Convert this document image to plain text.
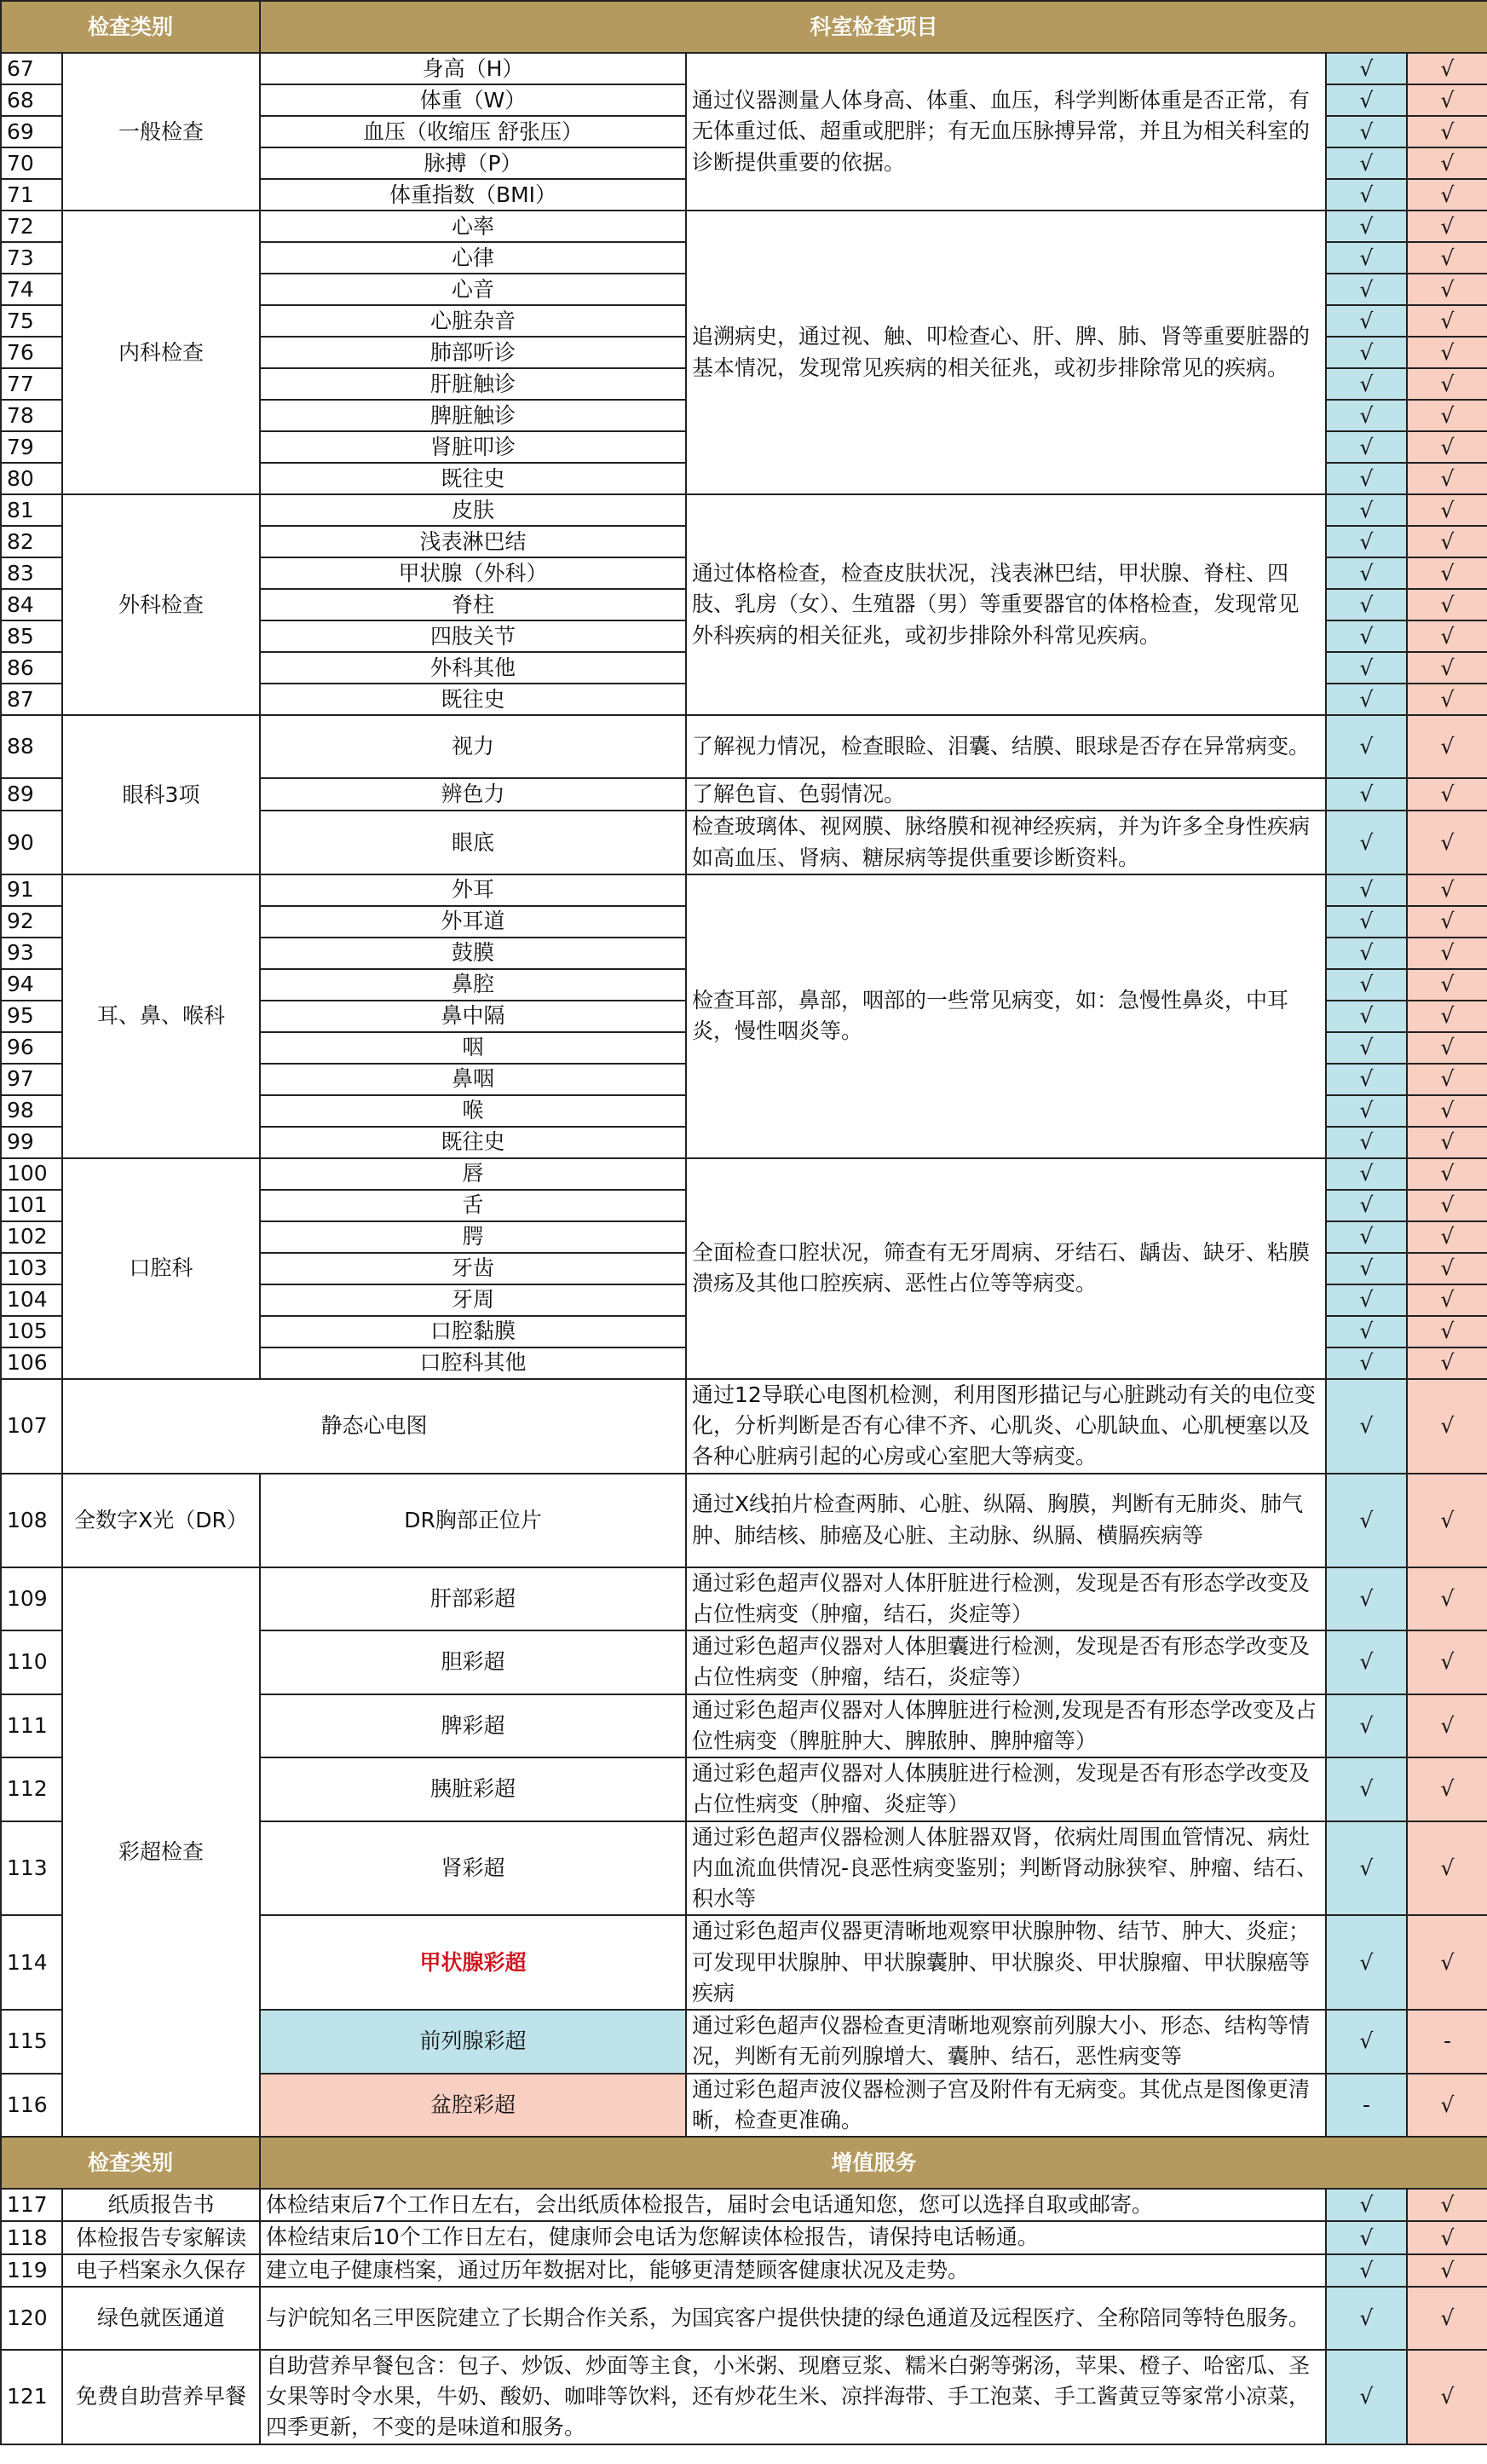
检查类别		科室检查项目			
67	一般检查	身高（H）	通过仪器测量人体身高、体重、血压，科学判断体重是否正常，有无体重过低、超重或肥胖；有无血压脉搏异常，并且为相关科室的诊断提供重要的依据。	√	√
68		体重（W）		√	√
69		血压（收缩压 舒张压）		√	√
70		脉搏（P）		√	√
71		体重指数（BMI）		√	√
72	内科检查	心率	追溯病史，通过视、触、叩检查心、肝、脾、肺、肾等重要脏器的基本情况，发现常见疾病的相关征兆，或初步排除常见的疾病。	√	√
73		心律		√	√
74		心音		√	√
75		心脏杂音		√	√
76		肺部听诊		√	√
77		肝脏触诊		√	√
78		脾脏触诊		√	√
79		肾脏叩诊		√	√
80		既往史		√	√
81	外科检查	皮肤	通过体格检查，检查皮肤状况，浅表淋巴结，甲状腺、脊柱、四肢、乳房（女）、生殖器（男）等重要器官的体格检查，发现常见外科疾病的相关征兆，或初步排除外科常见疾病。	√	√
82		浅表淋巴结		√	√
83		甲状腺（外科）		√	√
84		脊柱		√	√
85		四肢关节		√	√
86		外科其他		√	√
87		既往史		√	√
88	眼科3项	视力	了解视力情况，检查眼睑、泪囊、结膜、眼球是否存在异常病变。	√	√
89		辨色力	了解色盲、色弱情况。	√	√
90		眼底	检查玻璃体、视网膜、脉络膜和视神经疾病，并为许多全身性疾病如高血压、肾病、糖尿病等提供重要诊断资料。	√	√
91	耳、鼻、喉科	外耳	检查耳部，鼻部，咽部的一些常见病变，如：急慢性鼻炎，中耳炎，慢性咽炎等。	√	√
92		外耳道		√	√
93		鼓膜		√	√
94		鼻腔		√	√
95		鼻中隔		√	√
96		咽		√	√
97		鼻咽		√	√
98		喉		√	√
99		既往史		√	√
100	口腔科	唇	全面检查口腔状况，筛查有无牙周病、牙结石、龋齿、缺牙、粘膜溃疡及其他口腔疾病、恶性占位等等病变。	√	√
101		舌		√	√
102		腭		√	√
103		牙齿		√	√
104		牙周		√	√
105		口腔黏膜		√	√
106		口腔科其他		√	√
107	静态心电图		通过12导联心电图机检测，利用图形描记与心脏跳动有关的电位变化，分析判断是否有心律不齐、心肌炎、心肌缺血、心肌梗塞以及各种心脏病引起的心房或心室肥大等病变。	√	√
108	全数字X光（DR）	DR胸部正位片	通过X线拍片检查两肺、心脏、纵隔、胸膜，判断有无肺炎、肺气肿、肺结核、肺癌及心脏、主动脉、纵膈、横膈疾病等	√	√
109	彩超检查	肝部彩超	通过彩色超声仪器对人体肝脏进行检测，发现是否有形态学改变及占位性病变（肿瘤，结石，炎症等）	√	√
110		胆彩超	通过彩色超声仪器对人体胆囊进行检测，发现是否有形态学改变及占位性病变（肿瘤，结石，炎症等）	√	√
111		脾彩超	通过彩色超声仪器对人体脾脏进行检测,发现是否有形态学改变及占位性病变（脾脏肿大、脾脓肿、脾肿瘤等）	√	√
112		胰脏彩超	通过彩色超声仪器对人体胰脏进行检测，发现是否有形态学改变及占位性病变（肿瘤、炎症等）	√	√
113		肾彩超	通过彩色超声仪器检测人体脏器双肾，依病灶周围血管情况、病灶内血流血供情况-良恶性病变鉴别；判断肾动脉狭窄、肿瘤、结石、积水等	√	√
114		甲状腺彩超	通过彩色超声仪器更清晰地观察甲状腺肿物、结节、肿大、炎症；可发现甲状腺肿、甲状腺囊肿、甲状腺炎、甲状腺瘤、甲状腺癌等疾病	√	√
115		前列腺彩超	通过彩色超声仪器检查更清晰地观察前列腺大小、形态、结构等情况，判断有无前列腺增大、囊肿、结石，恶性病变等	√	-
116		盆腔彩超	通过彩色超声波仪器检测子宫及附件有无病变。其优点是图像更清晰，检查更准确。	-	√
检查类别		增值服务			
117	纸质报告书	体检结束后7个工作日左右，会出纸质体检报告，届时会电话通知您，您可以选择自取或邮寄。		√	√
118	体检报告专家解读	体检结束后10个工作日左右，健康师会电话为您解读体检报告，请保持电话畅通。		√	√
119	电子档案永久保存	建立电子健康档案，通过历年数据对比，能够更清楚顾客健康状况及走势。		√	√
120	绿色就医通道	与沪皖知名三甲医院建立了长期合作关系，为国宾客户提供快捷的绿色通道及远程医疗、全称陪同等特色服务。		√	√
121	免费自助营养早餐	自助营养早餐包含：包子、炒饭、炒面等主食，小米粥、现磨豆浆、糯米白粥等粥汤，苹果、橙子、哈密瓜、圣女果等时令水果，牛奶、酸奶、咖啡等饮料，还有炒花生米、凉拌海带、手工泡菜、手工酱黄豆等家常小凉菜，四季更新，不变的是味道和服务。		√	√
